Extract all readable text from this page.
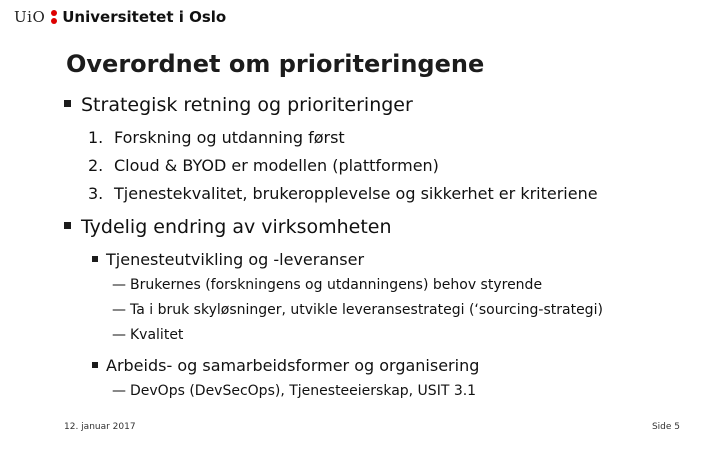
UiO Universitetet i Oslo
Overordnet om prioriteringene
Strategisk retning og prioriteringer
1. Forskning og utdanning først
2. Cloud & BYOD er modellen (plattformen)
3. Tjenestekvalitet, brukeropplevelse og sikkerhet er kriteriene
Tydelig endring av virksomheten
Tjenesteutvikling og -leveranser
— Brukernes (forskningens og utdanningens) behov styrende
— Ta i bruk skyløsninger, utvikle leveransestrategi (‘sourcing-strategi)
— Kvalitet
Arbeids- og samarbeidsformer og organisering
— DevOps (DevSecOps), Tjenesteeierskap, USIT 3.1
12. januar 2017	Side 5
